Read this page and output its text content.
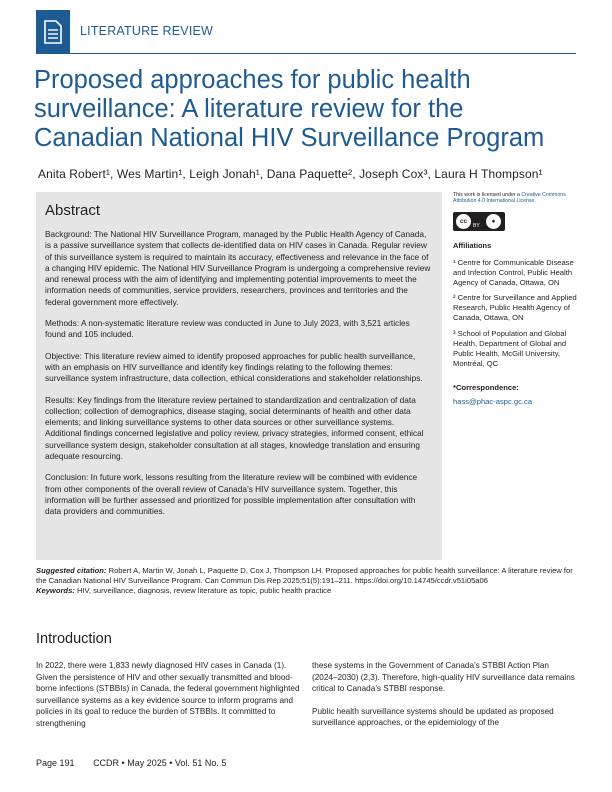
LITERATURE REVIEW
Proposed approaches for public health surveillance: A literature review for the Canadian National HIV Surveillance Program
Anita Robert¹, Wes Martin¹, Leigh Jonah¹, Dana Paquette², Joseph Cox³, Laura H Thompson¹
Abstract

Background: The National HIV Surveillance Program, managed by the Public Health Agency of Canada, is a passive surveillance system that collects de-identified data on HIV cases in Canada. Regular review of this surveillance system is required to maintain its accuracy, effectiveness and relevance in the face of a changing HIV epidemic. The National HIV Surveillance Program is undergoing a comprehensive review and renewal process with the aim of identifying and implementing potential improvements to meet the information needs of communities, service providers, researchers, provinces and territories and the federal government more effectively.

Methods: A non-systematic literature review was conducted in June to July 2023, with 3,521 articles found and 105 included.

Objective: This literature review aimed to identify proposed approaches for public health surveillance, with an emphasis on HIV surveillance and identify key findings relating to the following themes: surveillance system infrastructure, data collection, ethical considerations and stakeholder relationships.

Results: Key findings from the literature review pertained to standardization and centralization of data collection; collection of demographics, disease staging, social determinants of health and other data elements; and linking surveillance systems to other data sources or other surveillance systems. Additional findings concerned legislative and policy review, privacy strategies, informed consent, ethical surveillance system design, stakeholder consultation at all stages, knowledge translation and ensuring adequate resourcing.

Conclusion: In future work, lessons resulting from the literature review will be combined with evidence from other components of the overall review of Canada’s HIV surveillance system. Together, this information will be further assessed and prioritized for possible implementation after consultation with data providers and communities.

This work is licensed under a Creative Commons Attribution 4.0 International License.

cc	●
BY

Affiliations

¹ Centre for Communicable Disease and Infection Control, Public Health Agency of Canada, Ottawa, ON

² Centre for Surveillance and Applied Research, Public Health Agency of Canada, Ottawa, ON

³ School of Population and Global Health, Department of Global and Public Health, McGill University, Montréal, QC

*Correspondence:

hass@phac-aspc.gc.ca
Suggested citation: Robert A, Martin W, Jonah L, Paquette D, Cox J, Thompson LH. Proposed approaches for public health surveillance: A literature review for the Canadian National HIV Surveillance Program. Can Commun Dis Rep 2025;51(5):191–211. https://doi.org/10.14745/ccdr.v51i05a06
Keywords: HIV, surveillance, diagnosis, review literature as topic, public health practice
Introduction

In 2022, there were 1,833 newly diagnosed HIV cases in Canada (1). Given the persistence of HIV and other sexually transmitted and blood-borne infections (STBBIs) in Canada, the federal government highlighted surveillance systems as a key evidence source to inform programs and policies in its goal to reduce the burden of STBBIs. It committed to strengthening

these systems in the Government of Canada’s STBBI Action Plan (2024–2030) (2,3). Therefore, high-quality HIV surveillance data remains critical to Canada’s STBBI response.

Public health surveillance systems should be updated as proposed surveillance approaches, or the epidemiology of the

Page 191 CCDR • May 2025 • Vol. 51 No. 5
